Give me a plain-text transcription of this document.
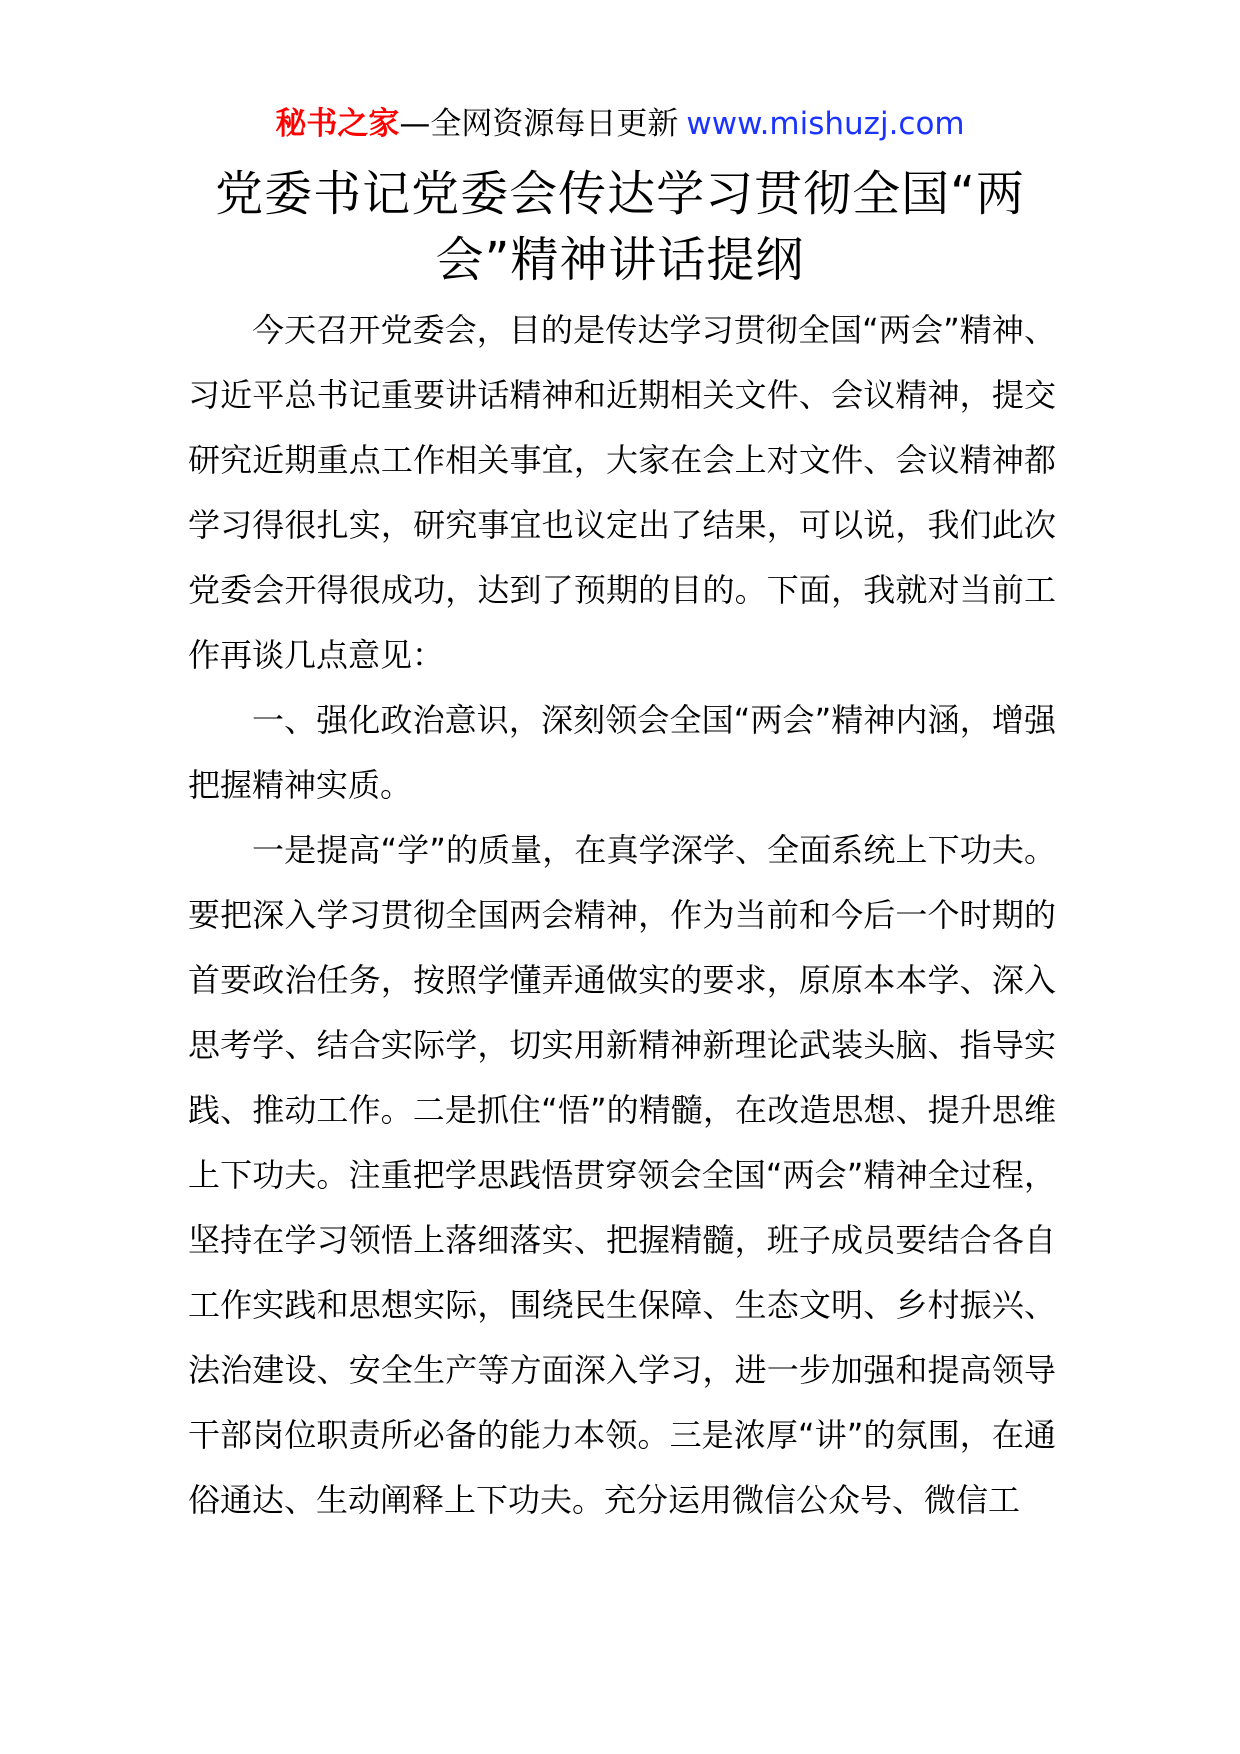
秘书之家—全网资源每日更新 www.mishuzj.com
党委书记党委会传达学习贯彻全国“两会”精神讲话提纲

今天召开党委会，目的是传达学习贯彻全国“两会”精神、习近平总书记重要讲话精神和近期相关文件、会议精神，提交研究近期重点工作相关事宜，大家在会上对文件、会议精神都学习得很扎实，研究事宜也议定出了结果，可以说，我们此次党委会开得很成功，达到了预期的目的。下面，我就对当前工作再谈几点意见：

一、强化政治意识，深刻领会全国“两会”精神内涵，增强把握精神实质。

一是提高“学”的质量，在真学深学、全面系统上下功夫。要把深入学习贯彻全国两会精神，作为当前和今后一个时期的首要政治任务，按照学懂弄通做实的要求，原原本本学、深入思考学、结合实际学，切实用新精神新理论武装头脑、指导实践、推动工作。二是抓住“悟”的精髓，在改造思想、提升思维上下功夫。注重把学思践悟贯穿领会全国“两会”精神全过程，坚持在学习领悟上落细落实、把握精髓，班子成员要结合各自工作实践和思想实际，围绕民生保障、生态文明、乡村振兴、法治建设、安全生产等方面深入学习，进一步加强和提高领导干部岗位职责所必备的能力本领。三是浓厚“讲”的氛围，在通俗通达、生动阐释上下功夫。充分运用微信公众号、微信工
